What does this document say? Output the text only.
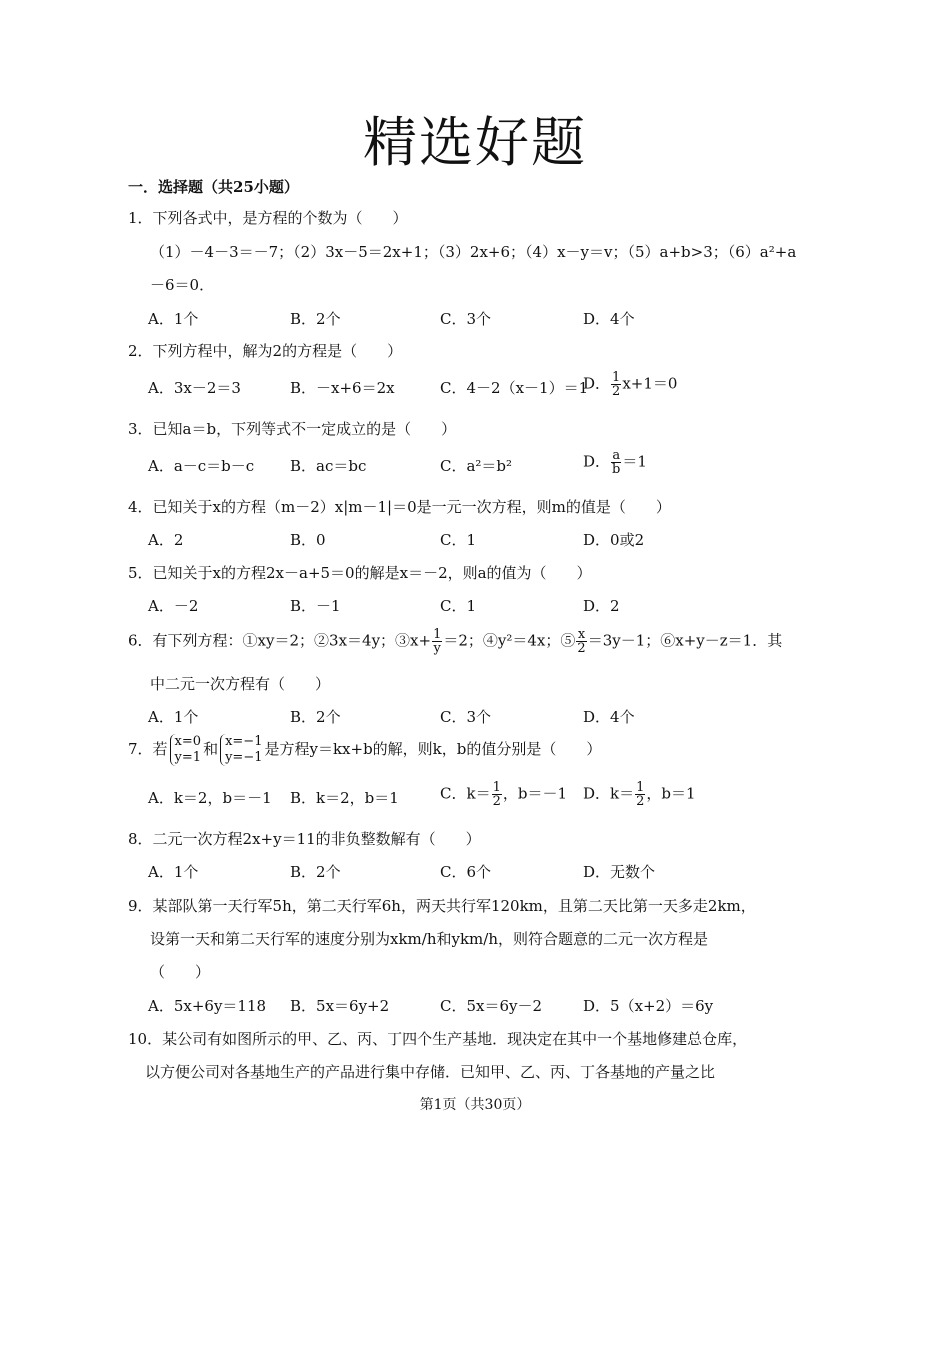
精选好题
一．选择题（共25小题）
1．下列各式中，是方程的个数为（　　）
（1）－4－3＝－7；（2）3x－5＝2x+1；（3）2x+6；（4）x－y＝v；（5）a+b>3；（6）a²+a
－6＝0．
A．1个	B．2个	C．3个	D．4个
2．下列方程中，解为2的方程是（　　）
A．3x－2＝3	B．－x+6＝2x	C．4－2（x－1）＝1
D． $\frac{1}{2} x+1=0$
3．已知a＝b，下列等式不一定成立的是（　　）
A．a－c＝b－c B．ac＝bc	C．a²＝b²	D． $\frac{a}{b} =1$
4．已知关于x的方程（m－2）x|m－1|＝0是一元一次方程，则m的值是（　　）
A．2	B．0	C．1	D．0或2
5．已知关于x的方程2x－a+5＝0的解是x＝－2，则a的值为（　　）
A．－2	B．－1	C．1	D．2
6．有下列方程：①xy＝2；②3x＝4y；③x+ $\frac{1}{y} =2$；④y²＝4x；⑤ $\frac{x}{2} =3y-1$；⑥x+y－z＝1．其
中二元一次方程有（　　）
A．1个	B．2个	C．3个	D．4个
7．若 x=0
y=1 和 x=−1
y=−1 是方程y＝kx+b的解，则k，b的值分别是（　　）
A．k＝2，b＝－1 B．k＝2，b＝1	C．$k= \frac{1}{2}$ ，b＝－1 D．$k= \frac{1}{2}$ ，b＝1
8．二元一次方程2x+y＝11的非负整数解有（　　）
A．1个	B．2个	C．6个	D．无数个
9．某部队第一天行军5h，第二天行军6h，两天共行军120km，且第二天比第一天多走2km，
设第一天和第二天行军的速度分别为xkm/h和ykm/h，则符合题意的二元一次方程是
（　　）
A．5x+6y＝118 B．5x＝6y+2	C．5x＝6y－2	D．5（x+2）＝6y
10．某公司有如图所示的甲、乙、丙、丁四个生产基地．现决定在其中一个基地修建总仓库，
以方便公司对各基地生产的产品进行集中存储．已知甲、乙、丙、丁各基地的产量之比
第1页（共30页）
